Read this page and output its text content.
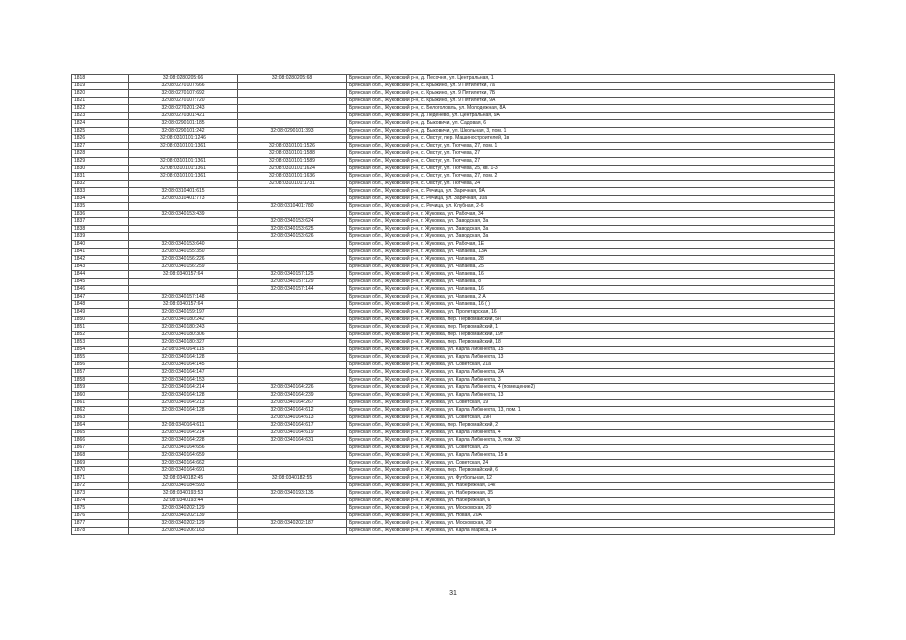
1818	32:08:0280205:66	32:08:0280205:68	Брянская обл., Жуковский р-н, д. Песочня, ул. Центральная, 1
1819	32:08:0270107:666		Брянская обл., Жуковский р-н, с. Крыжино, ул. 9 Пятилетки, 7а
1820	32:08:0270107:692		Брянская обл., Жуковский р-н, с. Крыжино, ул. 9 Пятилетки, 7Б
1821	32:08:0270107:720		Брянская обл., Жуковский р-н, с. Крыжино, ул. 9 Пятилетки, 9А
1822	32:08:0270201:243		Брянская обл., Жуковский р-н, с. Белоголовль, ул. Молодежная, 8А
1823	32:08:0270301:421		Брянская обл., Жуковский р-н, д. Леденево, ул. Центральная, 9А
1824	32:08:0290101:185		Брянская обл., Жуковский р-н, д. Быковичи, ул. Садовая, 6
1825	32:08:0290101:242	32:08:0290101:393	Брянская обл., Жуковский р-н, д. Быковичи, ул. Школьная, 3, пом. 1
1826	32:08:0310101:1246		Брянская обл., Жуковский р-н, с. Овстуг, пер. Машиностроителей, 1в
1827	32:08:0310101:1361	32:08:0310101:1526	Брянская обл., Жуковский р-н, с. Овстуг, ул. Тютчева, 27, пом. 1
1828		32:08:0310101:1588	Брянская обл., Жуковский р-н, с. Овстуг, ул. Тютчева, 27
1829	32:08:0310101:1361	32:08:0310101:1589	Брянская обл., Жуковский р-н, с. Овстуг, ул. Тютчева, 27
1830	32:08:0310101:1361	32:08:0310101:1624	Брянская обл., Жуковский р-н, с. Овстуг, ул. Тютчева, 25, кв. 1-3
1831	32:08:0310101:1361	32:08:0310101:1636	Брянская обл., Жуковский р-н, с. Овстуг, ул. Тютчева, 27, пом. 2
1832		32:08:0310101:1731	Брянская обл., Жуковский р-н, с. Овстуг, ул. Тютчева, 24
1833	32:08:0310401:615		Брянская обл., Жуковский р-н, с. Речица, ул. Заречная, 9А
1834	32:08:0310401:773		Брянская обл., Жуковский р-н, с. Речица, ул. Заречная, 10а
1835		32:08:0310401:780	Брянская обл., Жуковский р-н, с. Речица, ул. Клубная, 2-б
1836	32:08:0340153:439		Брянская обл., Жуковский р-н, г. Жуковка, ул. Рабочая, 34
1837		32:08:0340153:624	Брянская обл., Жуковский р-н, г. Жуковка, ул. Заводская, 3а
1838		32:08:0340153:625	Брянская обл., Жуковский р-н, г. Жуковка, ул. Заводская, 3а
1839		32:08:0340153:626	Брянская обл., Жуковский р-н, г. Жуковка, ул. Заводская, 3а
1840	32:08:0340153:640		Брянская обл., Жуковский р-н, г. Жуковка, ул. Рабочая, 1Е
1841	32:08:0340155:350		Брянская обл., Жуковский р-н, г. Жуковка, ул. Чапаева, 13А
1842	32:08:0340156:226		Брянская обл., Жуковский р-н, г. Жуковка, ул. Чапаева, 28
1843	32:08:0340156:259		Брянская обл., Жуковский р-н, г. Жуковка, ул. Чапаева, 25
1844	32:08:0340157:64	32:08:0340157:125	Брянская обл., Жуковский р-н, г. Жуковка, ул. Чапаева, 16
1845		32:08:0340157:129	Брянская обл., Жуковский р-н, г. Жуковка, ул. Чапаева, 8
1846		32:08:0340157:144	Брянская обл., Жуковский р-н, г. Жуковка, ул. Чапаева, 16
1847	32:08:0340157:148		Брянская обл., Жуковский р-н, г. Жуковка, ул. Чапаева, 2 А
1848	32:08:0340157:64		Брянская обл., Жуковский р-н, г. Жуковка, ул. Чапаева, 16 ( )
1849	32:08:0340159:197		Брянская обл., Жуковский р-н, г. Жуковка, ул. Пролетарская, 16
1850	32:08:0340180:242		Брянская обл., Жуковский р-н, г. Жуковка, пер. Первомайский, 5н
1851	32:08:0340180:243		Брянская обл., Жуковский р-н, г. Жуковка, пер. Первомайский, 1
1852	32:08:0340180:306		Брянская обл., Жуковский р-н, г. Жуковка, пер. Первомайский, 19т
1853	32:08:0340180:327		Брянская обл., Жуковский р-н, г. Жуковка, пер. Первомайский, 18
1854	32:08:0340164:115		Брянская обл., Жуковский р-н, г. Жуковка, ул. Карла Либкнехта, 15
1855	32:08:0340164:128		Брянская обл., Жуковский р-н, г. Жуковка, ул. Карла Либкнехта, 13
1856	32:08:0340164:145		Брянская обл., Жуковский р-н, г. Жуковка, ул. Советская, 21а
1857	32:08:0340164:147		Брянская обл., Жуковский р-н, г. Жуковка, ул. Карла Либкнехта, 2А
1858	32:08:0340164:153		Брянская обл., Жуковский р-н, г. Жуковка, ул. Карла Либкнехта, 3
1859	32:08:0340164:214	32:08:0340164:226	Брянская обл., Жуковский р-н, г. Жуковка, ул. Карла Либкнехта, 4 (помещение2)
1860	32:08:0340164:128	32:08:0340164:239	Брянская обл., Жуковский р-н, г. Жуковка, ул. Карла Либкнехта, 13
1861	32:08:0340164:213	32:08:0340164:267	Брянская обл., Жуковский р-н, г. Жуковка, ул. Советская, 19
1862	32:08:0340164:128	32:08:0340164:612	Брянская обл., Жуковский р-н, г. Жуковка, ул. Карла Либкнехта, 13, пом. 1
1863		32:08:0340164:613	Брянская обл., Жуковский р-н, г. Жуковка, ул. Советская, 19н
1864	32:08:0340164:611	32:08:0340164:617	Брянская обл., Жуковский р-н, г. Жуковка, пер. Первомайский, 2
1865	32:08:0340164:214	32:08:0340164:619	Брянская обл., Жуковский р-н, г. Жуковка, ул. Карла Либкнехта, 4
1866	32:08:0340164:228	32:08:0340164:631	Брянская обл., Жуковский р-н, г. Жуковка, ул. Карла Либкнехта, 3, пом. 32
1867	32:08:0340164:656		Брянская обл., Жуковский р-н, г. Жуковка, ул. Советская, 25
1868	32:08:0340164:659		Брянская обл., Жуковский р-н, г. Жуковка, ул. Карла Либкнехта, 15 в
1869	32:08:0340164:662		Брянская обл., Жуковский р-н, г. Жуковка, ул. Советская, 24
1870	32:08:0340164:691		Брянская обл., Жуковский р-н, г. Жуковка, пер. Первомайский, 6
1871	32:08:0340182:45	32:08:0340182:55	Брянская обл., Жуковский р-н, г. Жуковка, ул. Футбольная, 12
1872	32:08:0340184:593		Брянская обл., Жуковский р-н, г. Жуковка, ул. Набережная, 14к
1873	32:08:0340193:53	32:08:0340193:135	Брянская обл., Жуковский р-н, г. Жуковка, ул. Набережная, 35
1874	32:08:0340193:44		Брянская обл., Жуковский р-н, г. Жуковка, ул. Набережная, 6
1875	32:08:0340202:129		Брянская обл., Жуковский р-н, г. Жуковка, ул. Московская, 20
1876	32:08:0340202:139		Брянская обл., Жуковский р-н, г. Жуковка, ул. Новая, 20А
1877	32:08:0340202:129	32:08:0340202:187	Брянская обл., Жуковский р-н, г. Жуковка, ул. Московская, 20
1878	32:08:0340206:163		Брянская обл., Жуковский р-н, г. Жуковка, ул. Карла Маркса, 14
31
